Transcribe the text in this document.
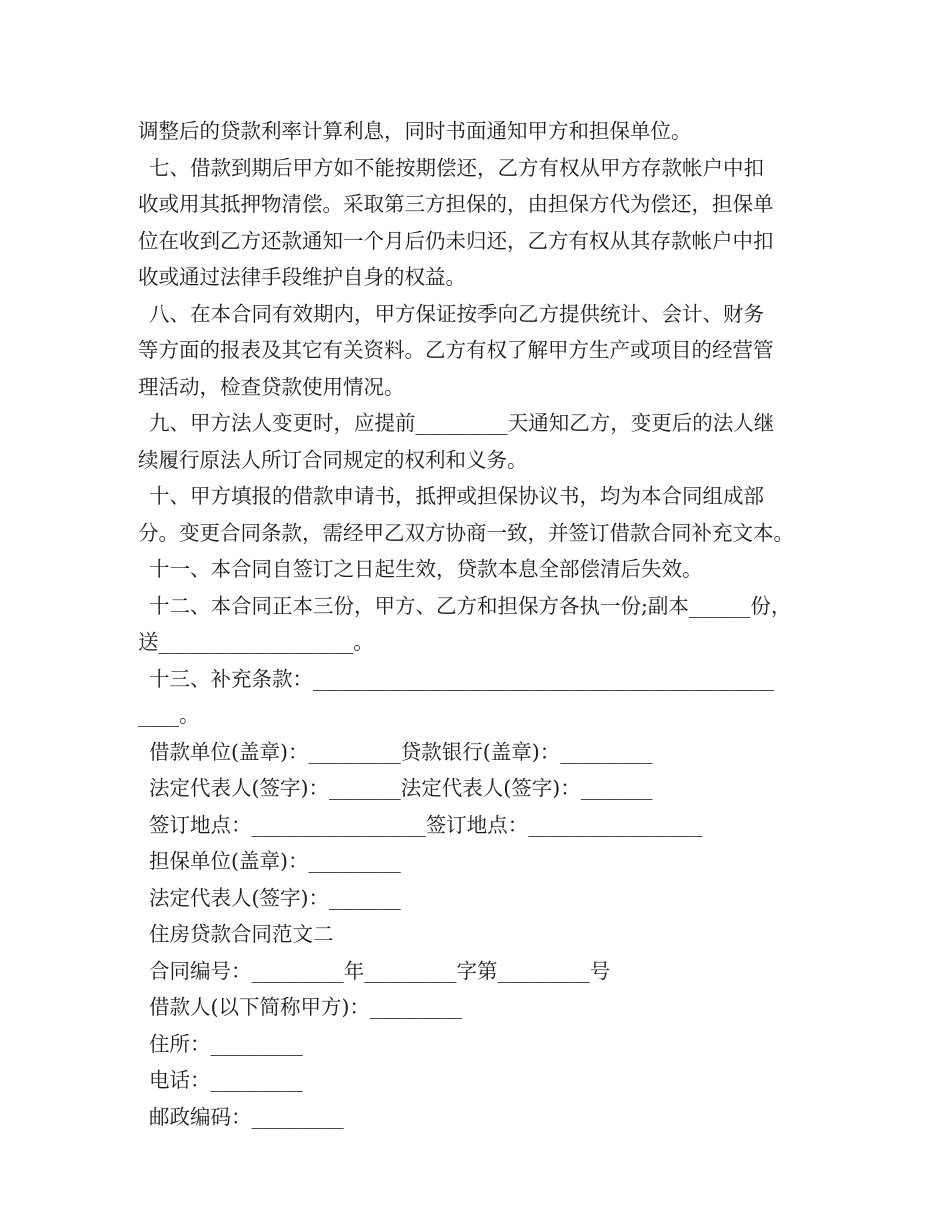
调整后的贷款利率计算利息，同时书面通知甲方和担保单位。
七、借款到期后甲方如不能按期偿还，乙方有权从甲方存款帐户中扣
收或用其抵押物清偿。采取第三方担保的，由担保方代为偿还，担保单
位在收到乙方还款通知一个月后仍未归还，乙方有权从其存款帐户中扣
收或通过法律手段维护自身的权益。
八、在本合同有效期内，甲方保证按季向乙方提供统计、会计、财务
等方面的报表及其它有关资料。乙方有权了解甲方生产或项目的经营管
理活动，检查贷款使用情况。
九、甲方法人变更时，应提前_________天通知乙方，变更后的法人继
续履行原法人所订合同规定的权利和义务。
十、甲方填报的借款申请书，抵押或担保协议书，均为本合同组成部
分。变更合同条款，需经甲乙双方协商一致，并签订借款合同补充文本。
十一、本合同自签订之日起生效，贷款本息全部偿清后失效。
十二、本合同正本三份，甲方、乙方和担保方各执一份;副本______份，
送___________________。
十三、补充条款：_____________________________________________
____。
借款单位(盖章)：_________贷款银行(盖章)：_________
法定代表人(签字)：_______法定代表人(签字)：_______
签订地点：_________________签订地点：_________________
担保单位(盖章)：_________
法定代表人(签字)：_______
住房贷款合同范文二
合同编号：_________年_________字第_________号
借款人(以下简称甲方)：_________
住所：_________
电话：_________
邮政编码：_________
